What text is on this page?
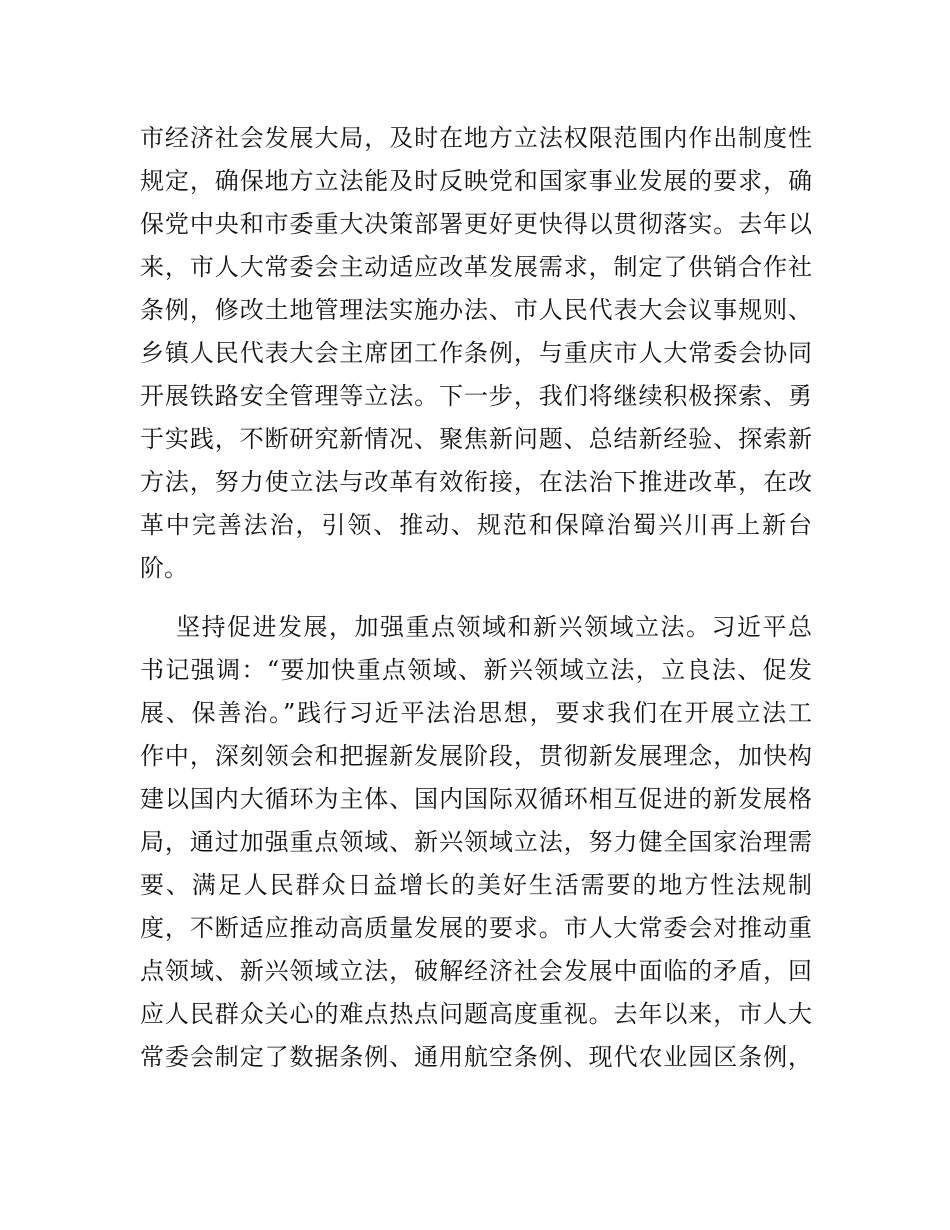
市经济社会发展大局，及时在地方立法权限范围内作出制度性
规定，确保地方立法能及时反映党和国家事业发展的要求，确
保党中央和市委重大决策部署更好更快得以贯彻落实。去年以
来，市人大常委会主动适应改革发展需求，制定了供销合作社
条例，修改土地管理法实施办法、市人民代表大会议事规则、
乡镇人民代表大会主席团工作条例，与重庆市人大常委会协同
开展铁路安全管理等立法。下一步，我们将继续积极探索、勇
于实践，不断研究新情况、聚焦新问题、总结新经验、探索新
方法，努力使立法与改革有效衔接，在法治下推进改革，在改
革中完善法治，引领、推动、规范和保障治蜀兴川再上新台
阶。
坚持促进发展，加强重点领域和新兴领域立法。习近平总
书记强调：“要加快重点领域、新兴领域立法，立良法、促发
展、保善治。”践行习近平法治思想，要求我们在开展立法工
作中，深刻领会和把握新发展阶段，贯彻新发展理念，加快构
建以国内大循环为主体、国内国际双循环相互促进的新发展格
局，通过加强重点领域、新兴领域立法，努力健全国家治理需
要、满足人民群众日益增长的美好生活需要的地方性法规制
度，不断适应推动高质量发展的要求。市人大常委会对推动重
点领域、新兴领域立法，破解经济社会发展中面临的矛盾，回
应人民群众关心的难点热点问题高度重视。去年以来，市人大
常委会制定了数据条例、通用航空条例、现代农业园区条例，
